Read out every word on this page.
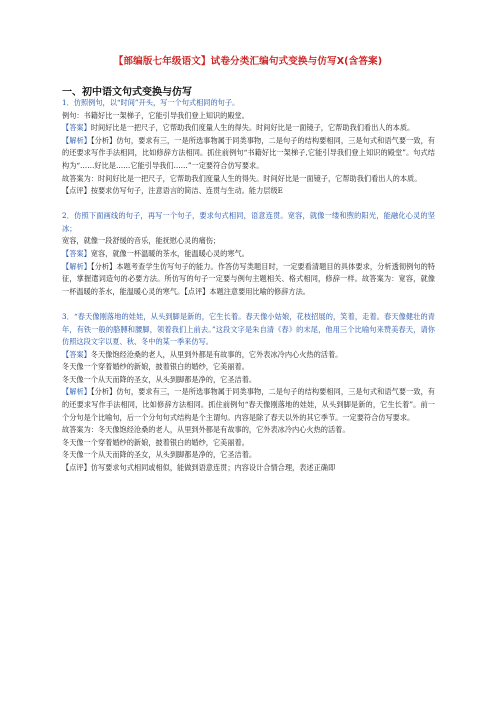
【部编版七年级语文】试卷分类汇编句式变换与仿写X(含答案)
一、初中语文句式变换与仿写

1．仿照例句，以“时间”开头，写一个句式相同的句子。

例句：书籍好比一架梯子，它能引导我们登上知识的殿堂。

【答案】时间好比是一把尺子，它帮助我们度量人生的得失。时间好比是一面镜子，它帮助我们看出人的本质。

【解析】【分析】仿句，要求有三，一是所选事物属于同类事物，二是句子的结构要相同，三是句式和语气要一致，有的还要求写作手法相同，比如修辞方法相同。抓住前例句“书籍好比一架梯子,它能引导我们登上知识的殿堂”。句式结构为“……好比是……它能引导我们……”一定要符合仿写要求。

故答案为：时间好比是一把尺子，它帮助我们度量人生的得失。时间好比是一面镜子，它帮助我们看出人的本质。

【点评】按要求仿写句子，注意语言的简洁、连贯与生动。能力层级E

2．仿照下面画线的句子，再写一个句子，要求句式相同，语意连贯。宽容，就像一缕和煦的阳光，能融化心灵的坚冰；

宽容，就像一段舒缓的音乐，能抚慰心灵的痛伤；

【答案】宽容，就像一杯温暖的茶水，能温暖心灵的寒气。

【解析】【分析】本题考查学生仿写句子的能力。作答仿写类题目时，一定要看清题目的具体要求，分析透彻例句的特征，掌握遣词造句的必要方法。所仿写的句子一定要与例句主题相关、格式相同，修辞一样。故答案为：宽容，就像一杯温暖的茶水，能温暖心灵的寒气。【点评】本题注意要用比喻的修辞方法。

3．“春天像刚落地的娃娃，从头到脚是新的，它生长着。春天像小姑娘，花枝招展的，笑着，走着。春天像健壮的青年，有铁一般的胳膊和腰脚，领着我们上前去。”这段文字是朱自清《春》的末尾，他用三个比喻句来赞美春天，请你仿照这段文字以夏、秋、冬中的某一季来仿写。

【答案】冬天像饱经沧桑的老人，从里到外都是有故事的，它外表冰冷内心火热的活着。

冬天像一个穿着婚纱的新娘，披着银白的婚纱，它美丽着。

冬天像一个从天而降的圣女，从头到脚都是净的，它圣洁着。

【解析】【分析】仿句，要求有三，一是所选事物属于同类事物，二是句子的结构要相同，三是句式和语气要一致，有的还要求写作手法相同，比如修辞方法相同。抓住前例句“春天像刚落地的娃娃，从头到脚是新的，它生长着”。前一个分句是个比喻句，后一个分句句式结构是个主谓句。内容是除了春天以外的其它季节。一定要符合仿写要求。

故答案为：冬天像饱经沧桑的老人，从里到外都是有故事的，它外表冰冷内心火热的活着。

冬天像一个穿着婚纱的新娘，披着银白的婚纱，它美丽着。

冬天像一个从天而降的圣女，从头到脚都是净的，它圣洁着。

【点评】仿写要求句式相同或相似，能做到语意连贯；内容设计合情合理，表述正确即
